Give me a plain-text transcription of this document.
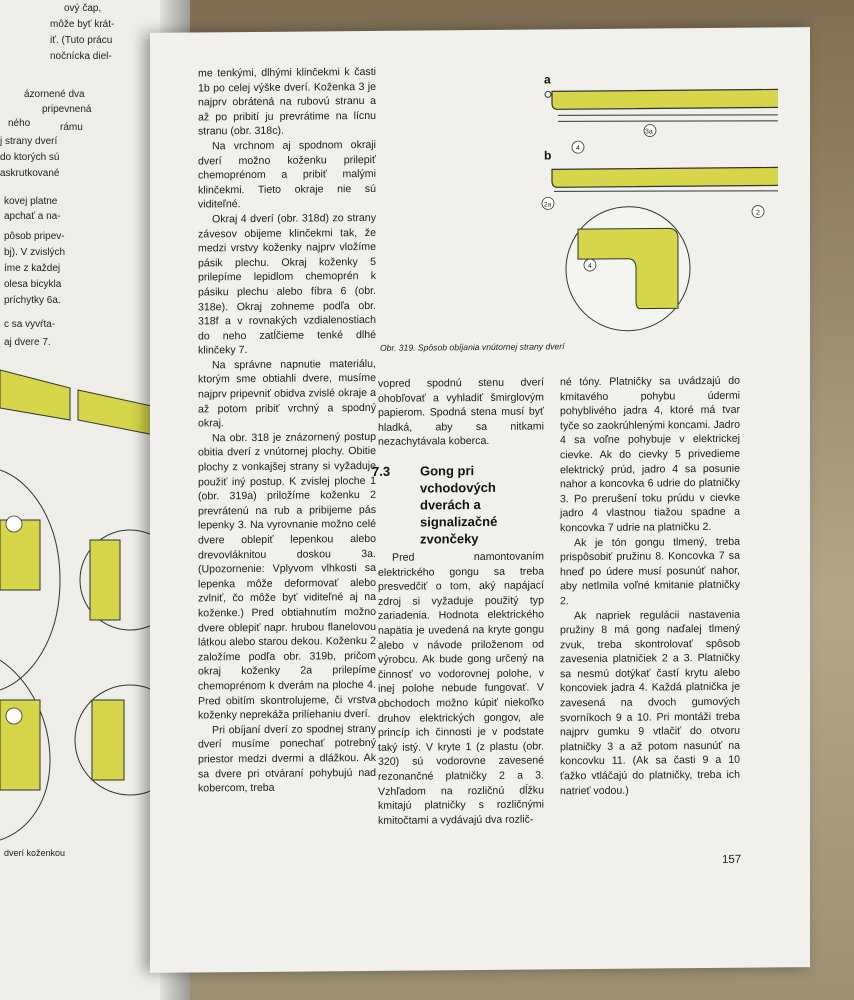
ový čap,
môže byť krát-
iť. (Tuto prácu
nočnícka diel-
ázornené dva
pripevnená
ného	rámu
j strany dverí
do ktorých sú
askrutkované
kovej platne
apchať a na-
pôsob pripev-
bj). V zvislých
íme z každej
olesa bicykla
príchytky 6a.
c sa vyvŕta-
aj dvere 7.
dverí koženkou

me tenkými, dlhými klinčekmi k časti 1b po celej výške dverí. Koženka 3 je najprv obrátená na rubovú stranu a až po pribití ju prevrátime na lícnu stranu (obr. 318c).

Na vrchnom aj spodnom okraji dverí možno koženku prilepiť chemoprénom a pribiť malými klinčekmi. Tieto okraje nie sú viditeľné.

Okraj 4 dverí (obr. 318d) zo strany závesov obijeme klinčekmi tak, že medzi vrstvy koženky najprv vložíme pásik plechu. Okraj koženky 5 prilepíme lepidlom chemoprén k pásiku plechu alebo fíbra 6 (obr. 318e). Okraj zohneme podľa obr. 318f a v rovnakých vzdialenostiach do neho zatĺčieme tenké dlhé klinčeky 7.

Na správne napnutie materiálu, ktorým sme obtiahli dvere, musíme najprv pripevniť obidva zvislé okraje a až potom pribiť vrchný a spodný okraj.

Na obr. 318 je znázornený postup obitia dverí z vnútornej plochy. Obitie plochy z vonkajšej strany si vyžaduje použiť iný postup. K zvislej ploche 1 (obr. 319a) priložíme koženku 2 prevrátenú na rub a pribijeme pás lepenky 3. Na vyrovnanie možno celé dvere oblepiť lepenkou alebo drevovláknitou doskou 3a. (Upozornenie: Vplyvom vlhkosti sa lepenka môže deformovať alebo zvlniť, čo môže byť viditeľné aj na koženke.) Pred obtiahnutím možno dvere oblepiť napr. hrubou flanelovou látkou alebo starou dekou. Koženku 2 založíme podľa obr. 319b, pričom okraj koženky 2a prilepíme chemoprénom k dverám na ploche 4. Pred obitím skontrolujeme, či vrstva koženky neprekáža prilíehaniu dverí.

Pri obíjaní dverí zo spodnej strany dverí musíme ponechať potrebný priestor medzi dvermi a dlážkou. Ak sa dvere pri otváraní pohybujú nad kobercom, treba

a
3a
b	4
2a
2
4
Obr. 319. Spôsob obíjania vnútornej strany dverí

vopred spodnú stenu dverí ohobľovať a vyhladiť šmirglovým papierom. Spodná stena musí byť hladká, aby sa nitkami nezachytávala koberca.

7.3 Gong pri vchodových dverách a signalizačné zvončeky

Pred namontovaním elektrického gongu sa treba presvedčiť o tom, aký napájací zdroj si vyžaduje použitý typ zariadenia. Hodnota elektrického napätia je uvedená na kryte gongu alebo v návode priloženom od výrobcu. Ak bude gong určený na činnosť vo vodorovnej polohe, v inej polohe nebude fungovať. V obchodoch možno kúpiť niekoľko druhov elektrických gongov, ale princíp ich činnosti je v podstate taký istý. V kryte 1 (z plastu (obr. 320) sú vodorovne zavesené rezonančné platničky 2 a 3. Vzhľadom na rozličnú dĺžku kmitajú platničky s rozličnými kmitočtami a vydávajú dva rozlič-

né tóny. Platničky sa uvádzajú do kmitavého pohybu údermi pohyblivého jadra 4, ktoré má tvar tyče so zaokrúhlenými koncami. Jadro 4 sa voľne pohybuje v elektrickej cievke. Ak do cievky 5 privedieme elektrický prúd, jadro 4 sa posunie nahor a koncovka 6 udrie do platničky 3. Po prerušení toku prúdu v cievke jadro 4 vlastnou tiažou spadne a koncovka 7 udrie na platničku 2.

Ak je tón gongu tlmený, treba prispôsobiť pružinu 8. Koncovka 7 sa hneď po údere musí posunúť nahor, aby netlmila voľné kmitanie platničky 2.

Ak napriek regulácii nastavenia pružiny 8 má gong naďalej tlmený zvuk, treba skontrolovať spôsob zavesenia platničiek 2 a 3. Platničky sa nesmú dotýkať častí krytu alebo koncoviek jadra 4. Každá platnička je zavesená na dvoch gumových svorníkoch 9 a 10. Pri montáži treba najprv gumku 9 vtlačiť do otvoru platničky 3 a až potom nasunúť na koncovku 11. (Ak sa časti 9 a 10 ťažko vtláčajú do platničky, treba ich natrieť vodou.)

157
